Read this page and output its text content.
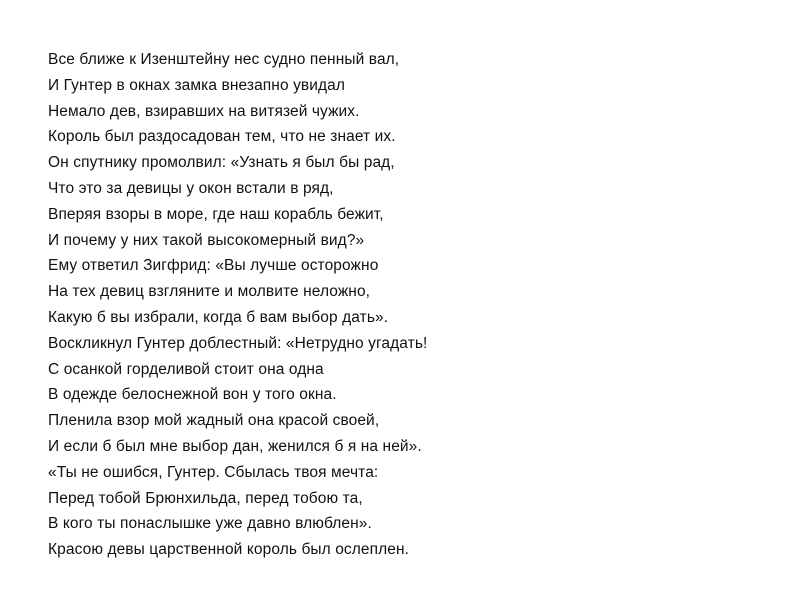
Все ближе к Изенштейну нес судно пенный вал,
И Гунтер в окнах замка внезапно увидал
Немало дев, взиравших на витязей чужих.
Король был раздосадован тем, что не знает их.
Он спутнику промолвил: «Узнать я был бы рад,
Что это за девицы у окон встали в ряд,
Вперяя взоры в море, где наш корабль бежит,
И почему у них такой высокомерный вид?»
Ему ответил Зигфрид: «Вы лучше осторожно
На тех девиц взгляните и молвите неложно,
Какую б вы избрали, когда б вам выбор дать».
Воскликнул Гунтер доблестный: «Нетрудно угадать!
С осанкой горделивой стоит она одна
В одежде белоснежной вон у того окна.
Пленила взор мой жадный она красой своей,
И если б был мне выбор дан, женился б я на ней».
«Ты не ошибся, Гунтер. Сбылась твоя мечта:
Перед тобой Брюнхильда, перед тобою та,
В кого ты понаслышке уже давно влюблен».
Красою девы царственной король был ослеплен.
